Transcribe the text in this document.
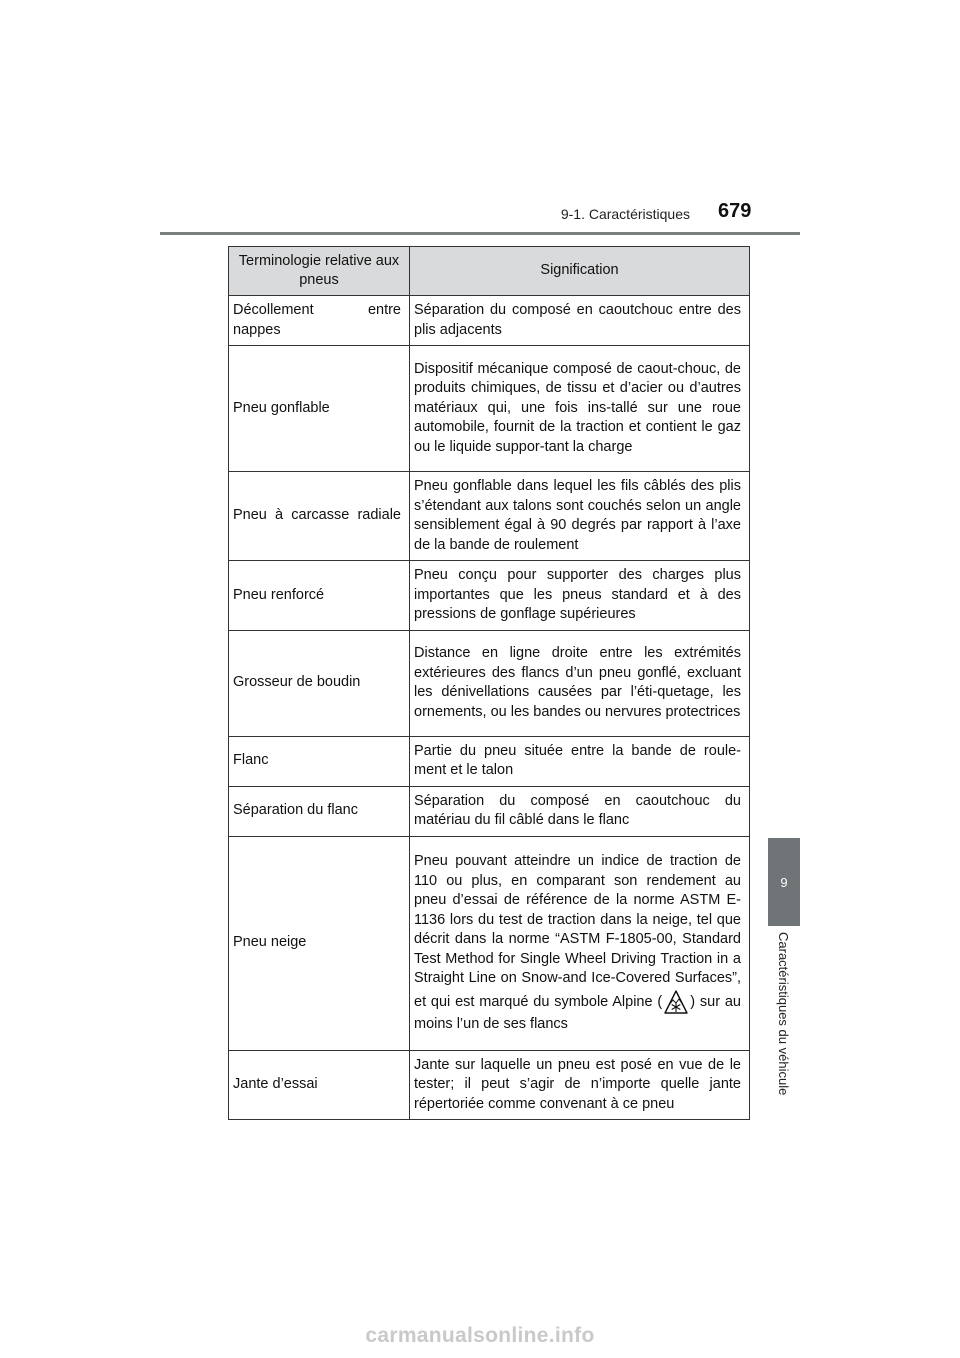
9-1. Caractéristiques 679
9
Caractéristiques du véhicule
Terminologie relative aux pneus	Signification
Décollement entre nappes	Séparation du composé en caoutchouc entre des plis adjacents
Pneu gonflable	Dispositif mécanique composé de caout-chouc, de produits chimiques, de tissu et d’acier ou d’autres matériaux qui, une fois ins-tallé sur une roue automobile, fournit de la traction et contient le gaz ou le liquide suppor-tant la charge
Pneu à carcasse radiale	Pneu gonflable dans lequel les fils câblés des plis s’étendant aux talons sont couchés selon un angle sensiblement égal à 90 degrés par rapport à l’axe de la bande de roulement
Pneu renforcé	Pneu conçu pour supporter des charges plus importantes que les pneus standard et à des pressions de gonflage supérieures
Grosseur de boudin	Distance en ligne droite entre les extrémités extérieures des flancs d’un pneu gonflé, excluant les dénivellations causées par l’éti-quetage, les ornements, ou les bandes ou nervures protectrices
Flanc	Partie du pneu située entre la bande de roule-ment et le talon
Séparation du flanc	Séparation du composé en caoutchouc du matériau du fil câblé dans le flanc
Pneu neige	Pneu pouvant atteindre un indice de traction de 110 ou plus, en comparant son rendement au pneu d’essai de référence de la norme ASTM E-1136 lors du test de traction dans la neige, tel que décrit dans la norme “ASTM F-1805-00, Standard Test Method for Single Wheel Driving Traction in a Straight Line on Snow-and Ice-Covered Surfaces”, et qui est marqué du symbole Alpine ( ) sur au moins l’un de ses flancs
Jante d’essai	Jante sur laquelle un pneu est posé en vue de le tester; il peut s’agir de n’importe quelle jante répertoriée comme convenant à ce pneu
carmanualsonline.info
